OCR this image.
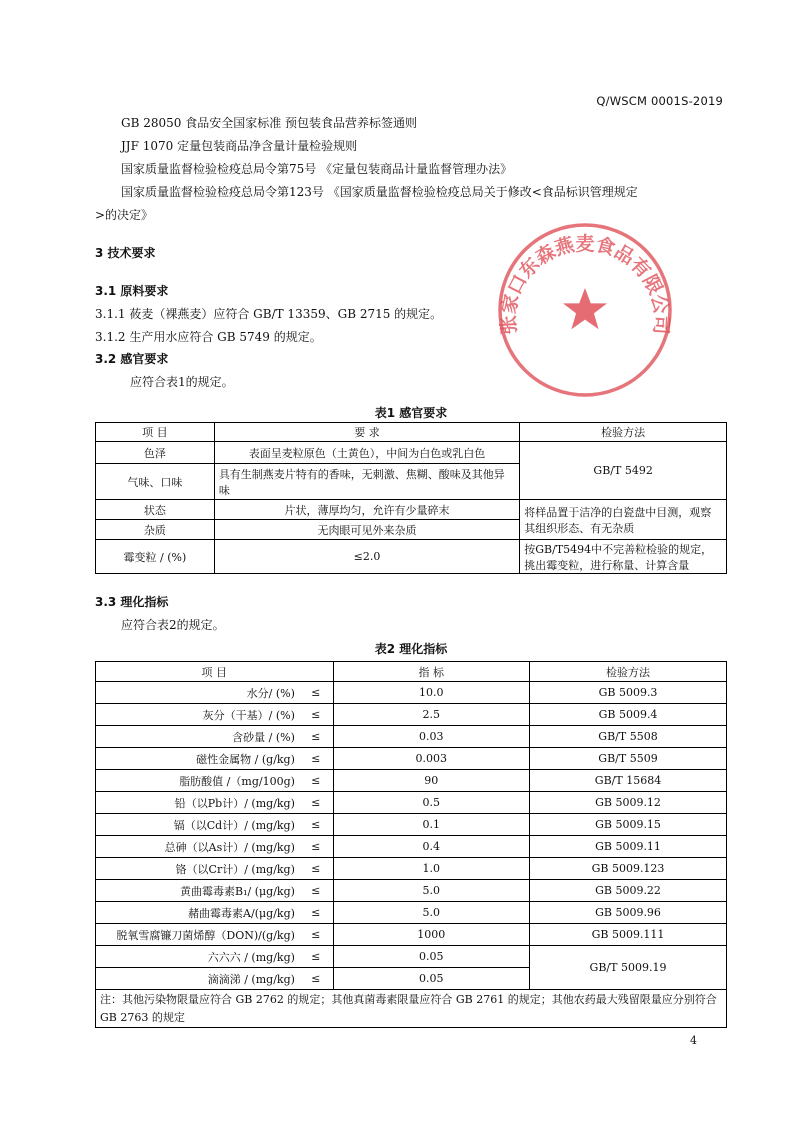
Q/WSCM 0001S-2019
GB 28050 食品安全国家标准 预包装食品营养标签通则
JJF 1070 定量包装商品净含量计量检验规则
国家质量监督检验检疫总局令第75号 《定量包装商品计量监督管理办法》
国家质量监督检验检疫总局令第123号 《国家质量监督检验检疫总局关于修改<食品标识管理规定
>的决定》
3 技术要求
3.1 原料要求
3.1.1 莜麦（裸燕麦）应符合 GB/T 13359、GB 2715 的规定。
3.1.2 生产用水应符合 GB 5749 的规定。
3.2 感官要求
应符合表1的规定。
张家口东森燕麦食品有限公司
表1 感官要求
项 目	要 求	检验方法
色泽	表面呈麦粒原色（土黄色），中间为白色或乳白色	GB/T 5492
气味、口味	具有生制燕麦片特有的香味，无刺激、焦糊、酸味及其他异味	
状态	片状，薄厚均匀，允许有少量碎末	将样品置于洁净的白瓷盘中目测，观察其组织形态、有无杂质
杂质	无肉眼可见外来杂质	
霉变粒 / (%)	≤2.0	按GB/T5494中不完善粒检验的规定，挑出霉变粒，进行称量、计算含量
3.3 理化指标
应符合表2的规定。
表2 理化指标
项 目		指 标	检验方法
水分/ (%)	≤	10.0	GB 5009.3
灰分（干基）/ (%)	≤	2.5	GB 5009.4
含砂量 / (%)	≤	0.03	GB/T 5508
磁性金属物 / (g/kg)	≤	0.003	GB/T 5509
脂肪酸值 /（mg/100g)	≤	90	GB/T 15684
铅（以Pb计）/ (mg/kg)	≤	0.5	GB 5009.12
镉（以Cd计）/ (mg/kg)	≤	0.1	GB 5009.15
总砷（以As计）/ (mg/kg)	≤	0.4	GB 5009.11
铬（以Cr计）/ (mg/kg)	≤	1.0	GB 5009.123
黄曲霉毒素B₁/ (μg/kg)	≤	5.0	GB 5009.22
赭曲霉毒素A/(μg/kg)	≤	5.0	GB 5009.96
脱氧雪腐镰刀菌烯醇（DON)/(g/kg)	≤	1000	GB 5009.111
六六六 / (mg/kg)	≤	0.05	GB/T 5009.19
滴滴涕 / (mg/kg)	≤	0.05	
注：其他污染物限量应符合 GB 2762 的规定；其他真菌毒素限量应符合 GB 2761 的规定；其他农药最大残留限量应分别符合 GB 2763 的规定			
4
